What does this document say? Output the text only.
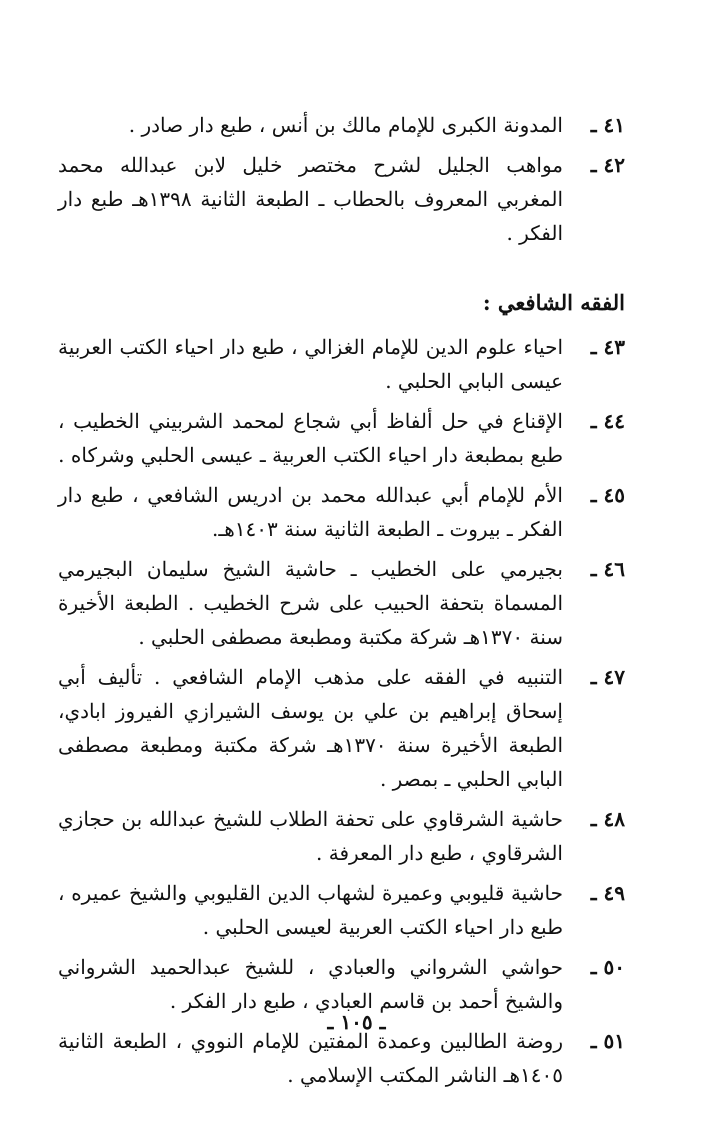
٤١ ـ
المدونة الكبرى للإمام مالك بن أنس ، طبع دار صادر .
٤٢ ـ
مواهب الجليل لشرح مختصر خليل لابن عبدالله محمد المغربي المعروف بالحطاب ـ الطبعة الثانية ١٣٩٨هـ طبع دار الفكر .
الفقه الشافعي :
٤٣ ـ
احياء علوم الدين للإمام الغزالي ، طبع دار احياء الكتب العربية عيسى البابي الحلبي .
٤٤ ـ
الإقناع في حل ألفاظ أبي شجاع لمحمد الشربيني الخطيب ، طبع بمطبعة دار احياء الكتب العربية ـ عيسى الحلبي وشركاه .
٤٥ ـ
الأم للإمام أبي عبدالله محمد بن ادريس الشافعي ، طبع دار الفكر ـ بيروت ـ الطبعة الثانية سنة ١٤٠٣هـ.
٤٦ ـ
بجيرمي على الخطيب ـ حاشية الشيخ سليمان البجيرمي المسماة بتحفة الحبيب على شرح الخطيب . الطبعة الأخيرة سنة ١٣٧٠هـ شركة مكتبة ومطبعة مصطفى الحلبي .
٤٧ ـ
التنبيه في الفقه على مذهب الإمام الشافعي . تأليف أبي إسحاق إبراهيم بن علي بن يوسف الشيرازي الفيروز ابادي، الطبعة الأخيرة سنة ١٣٧٠هـ شركة مكتبة ومطبعة مصطفى البابي الحلبي ـ بمصر .
٤٨ ـ
حاشية الشرقاوي على تحفة الطلاب للشيخ عبدالله بن حجازي الشرقاوي ، طبع دار المعرفة .
٤٩ ـ
حاشية قليوبي وعميرة لشهاب الدين القليوبي والشيخ عميره ، طبع دار احياء الكتب العربية لعيسى الحلبي .
٥٠ ـ
حواشي الشرواني والعبادي ، للشيخ عبدالحميد الشرواني والشيخ أحمد بن قاسم العبادي ، طبع دار الفكر .
٥١ ـ
روضة الطالبين وعمدة المفتين للإمام النووي ، الطبعة الثانية ١٤٠٥هـ الناشر المكتب الإسلامي .
ـ ١٠٥ ـ
